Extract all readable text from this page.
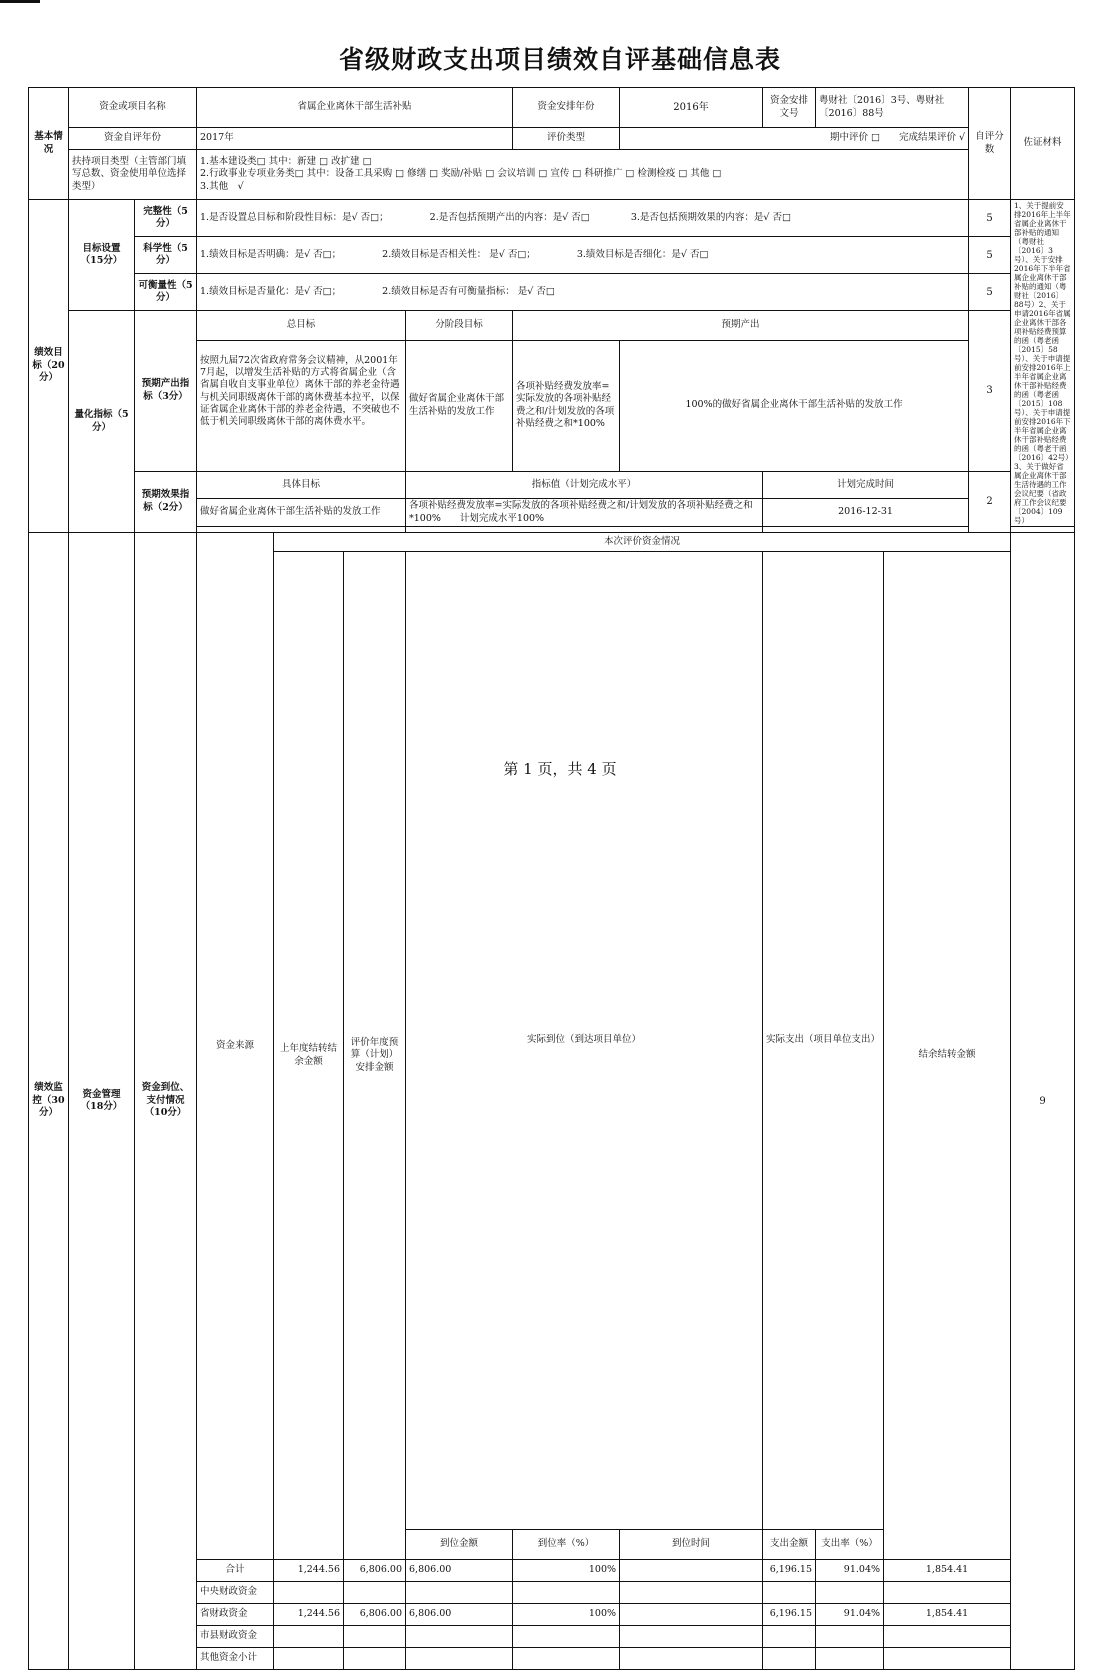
省级财政支出项目绩效自评基础信息表
基本情况	资金或项目名称		省属企业离休干部生活补贴				资金安排年份	2016年	资金安排文号	粤财社〔2016〕3号、粤财社〔2016〕88号		自评分数	佐证材料	
	资金自评年份		2017年				评价类型	期中评价 □　　完成结果评价 √						
	扶持项目类型（主管部门填写总数、资金使用单位选择类型）		1.基本建设类□ 其中：新建 □ 改扩建 □
2.行政事业专项业务类□ 其中：设备工具采购 □ 修缮 □ 奖励/补贴 □ 会议培训 □ 宣传 □ 科研推广 □ 检测检疫 □ 其他 □
3.其他　√											

绩效目标（20分）	目标设置（15分）	完整性（5分）	1.是否设置总目标和阶段性目标：是√ 否□； 2.是否包括预期产出的内容：是√ 否□ 3.是否包括预期效果的内容：是√ 否□									5	1、关于提前安排2016年上半年省属企业离休干部补贴的通知（粤财社〔2016〕3号）、关于安排2016年下半年省属企业离休干部补贴的通知（粤财社〔2016〕88号）2、关于申请2016年省属企业离休干部各项补贴经费预算的函（粤老函〔2015〕58号）、关于申请提前安排2016年上半年省属企业离休干部补贴经费的函（粤老函〔2015〕108号）、关于申请提前安排2016年下半年省属企业离休干部补贴经费的函（粤老干函〔2016〕42号）3、关于做好省属企业离休干部生活待遇的工作会议纪要（省政府工作会议纪要〔2004〕109号）	
		科学性（5分）	1.绩效目标是否明确：是√ 否□； 2.绩效目标是否相关性： 是√ 否□； 3.绩效目标是否细化：是√ 否□									5		
		可衡量性（5分）	1.绩效目标是否量化：是√ 否□； 2.绩效目标是否有可衡量指标： 是√ 否□									5		
	量化指标（5分）	预期产出指标（3分）	总目标			分阶段目标	预期产出					3		
			按照九届72次省政府常务会议精神，从2001年7月起，以增发生活补贴的方式将省属企业（含省属自收自支事业单位）离休干部的养老金待遇与机关同职级离休干部的离休费基本拉平，以保证省属企业离休干部的养老金待遇，不突破也不低于机关同职级离休干部的离休费水平。			做好省属企业离休干部生活补贴的发放工作	各项补贴经费发放率=实际发放的各项补贴经费之和/计划发放的各项补贴经费之和*100%	100%的做好省属企业离休干部生活补贴的发放工作						
		预期效果指标（2分）	具体目标			指标值（计划完成水平）			计划完成时间			2		
			做好省属企业离休干部生活补贴的发放工作			各项补贴经费发放率=实际发放的各项补贴经费之和/计划发放的各项补贴经费之和*100%　　计划完成水平100%			2016-12-31					

绩效监控（30分）	资金管理（18分）	资金到位、支付情况（10分）	资金来源	本次评价资金情况									9	
				上年度结转结余金额	评价年度预算（计划）安排金额	实际到位（到达项目单位）			实际支出（项目单位支出）		结余结转金额			

						到位金额	到位率（%）	到位时间	支出金额	支出率（%）				
			合计	1,244.56	6,806.00	6,806.00	100%		6,196.15	91.04%	1,854.41			
			中央财政资金											
			省财政资金	1,244.56	6,806.00	6,806.00	100%		6,196.15	91.04%	1,854.41			
			市县财政资金											
			其他资金小计											
第 1 页，共 4 页
